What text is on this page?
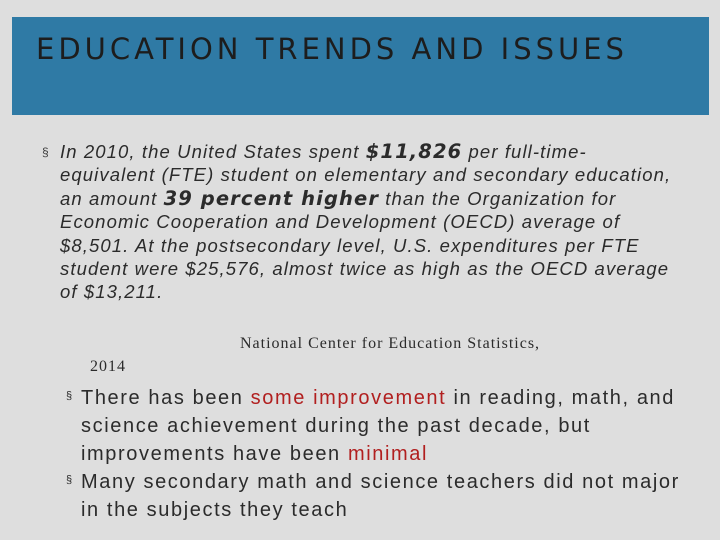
EDUCATION TRENDS AND ISSUES
§ In 2010, the United States spent $11,826 per full-time-equivalent (FTE) student on elementary and secondary education, an amount 39 percent higher than the Organization for Economic Cooperation and Development (OECD) average of $8,501. At the postsecondary level, U.S. expenditures per FTE student were $25,576, almost twice as high as the OECD average of $13,211.

National Center for Education Statistics,
2014
§ There has been some improvement in reading, math, and science achievement during the past decade, but improvements have been minimal

§ Many secondary math and science teachers did not major in the subjects they teach
